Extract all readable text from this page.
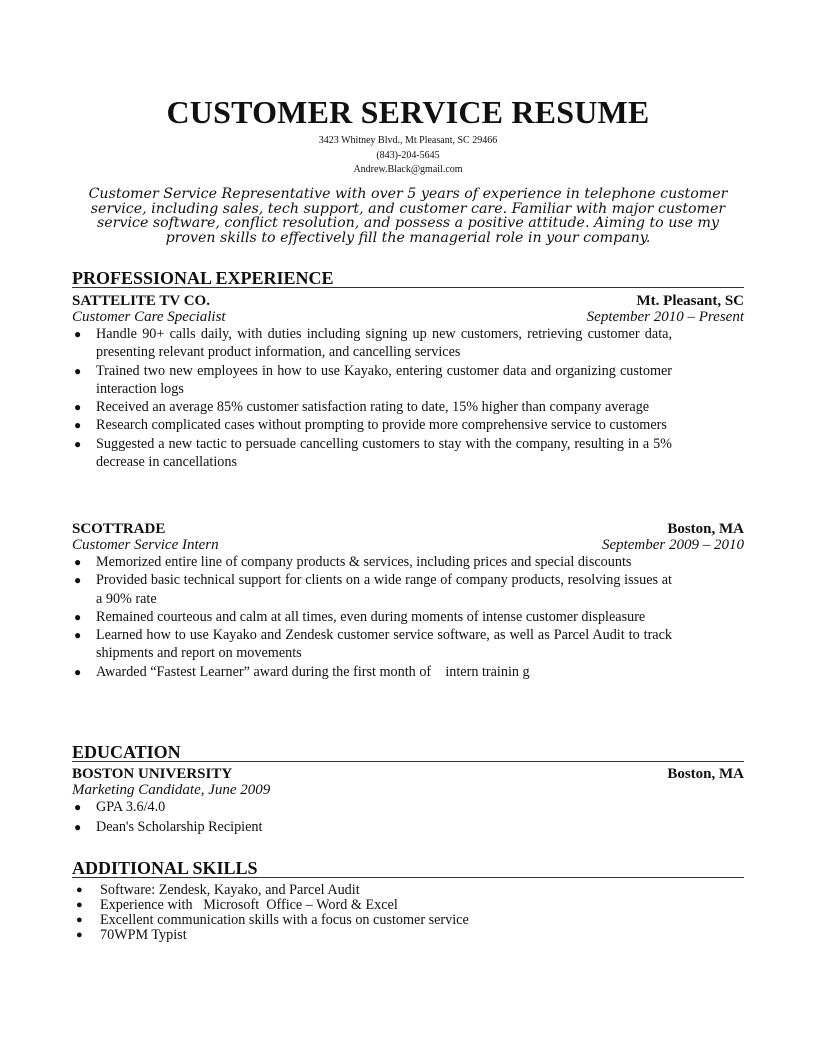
CUSTOMER SERVICE RESUME
3423 Whitney Blvd., Mt Pleasant, SC 29466
(843)-204-5645
Andrew.Black@gmail.com
Customer Service Representative with over 5 years of experience in telephone customer service, including sales, tech support, and customer care. Familiar with major customer service software, conflict resolution, and possess a positive attitude. Aiming to use my proven skills to effectively fill the managerial role in your company.
PROFESSIONAL EXPERIENCE
SATTELITE TV CO.	Mt. Pleasant, SC
Customer Care Specialist	September 2010 – Present
● Handle 90+ calls daily, with duties including signing up new customers, retrieving customer data, presenting relevant product information, and cancelling services
● Trained two new employees in how to use Kayako, entering customer data and organizing customer interaction logs
● Received an average 85% customer satisfaction rating to date, 15% higher than company average
● Research complicated cases without prompting to provide more comprehensive service to customers
● Suggested a new tactic to persuade cancelling customers to stay with the company, resulting in a 5% decrease in cancellations
SCOTTRADE	Boston, MA
Customer Service Intern	September 2009 – 2010
● Memorized entire line of company products & services, including prices and special discounts
● Provided basic technical support for clients on a wide range of company products, resolving issues at a 90% rate
● Remained courteous and calm at all times, even during moments of intense customer displeasure
● Learned how to use Kayako and Zendesk customer service software, as well as Parcel Audit to track shipments and report on movements
● Awarded “Fastest Learner” award during the first month of    intern trainin g
EDUCATION
BOSTON UNIVERSITY	Boston, MA
Marketing Candidate, June 2009
● GPA 3.6/4.0
● Dean's Scholarship Recipient
ADDITIONAL SKILLS
● Software: Zendesk, Kayako, and Parcel Audit
● Experience with   Microsoft  Office – Word & Excel
● Excellent communication skills with a focus on customer service
● 70WPM Typist
